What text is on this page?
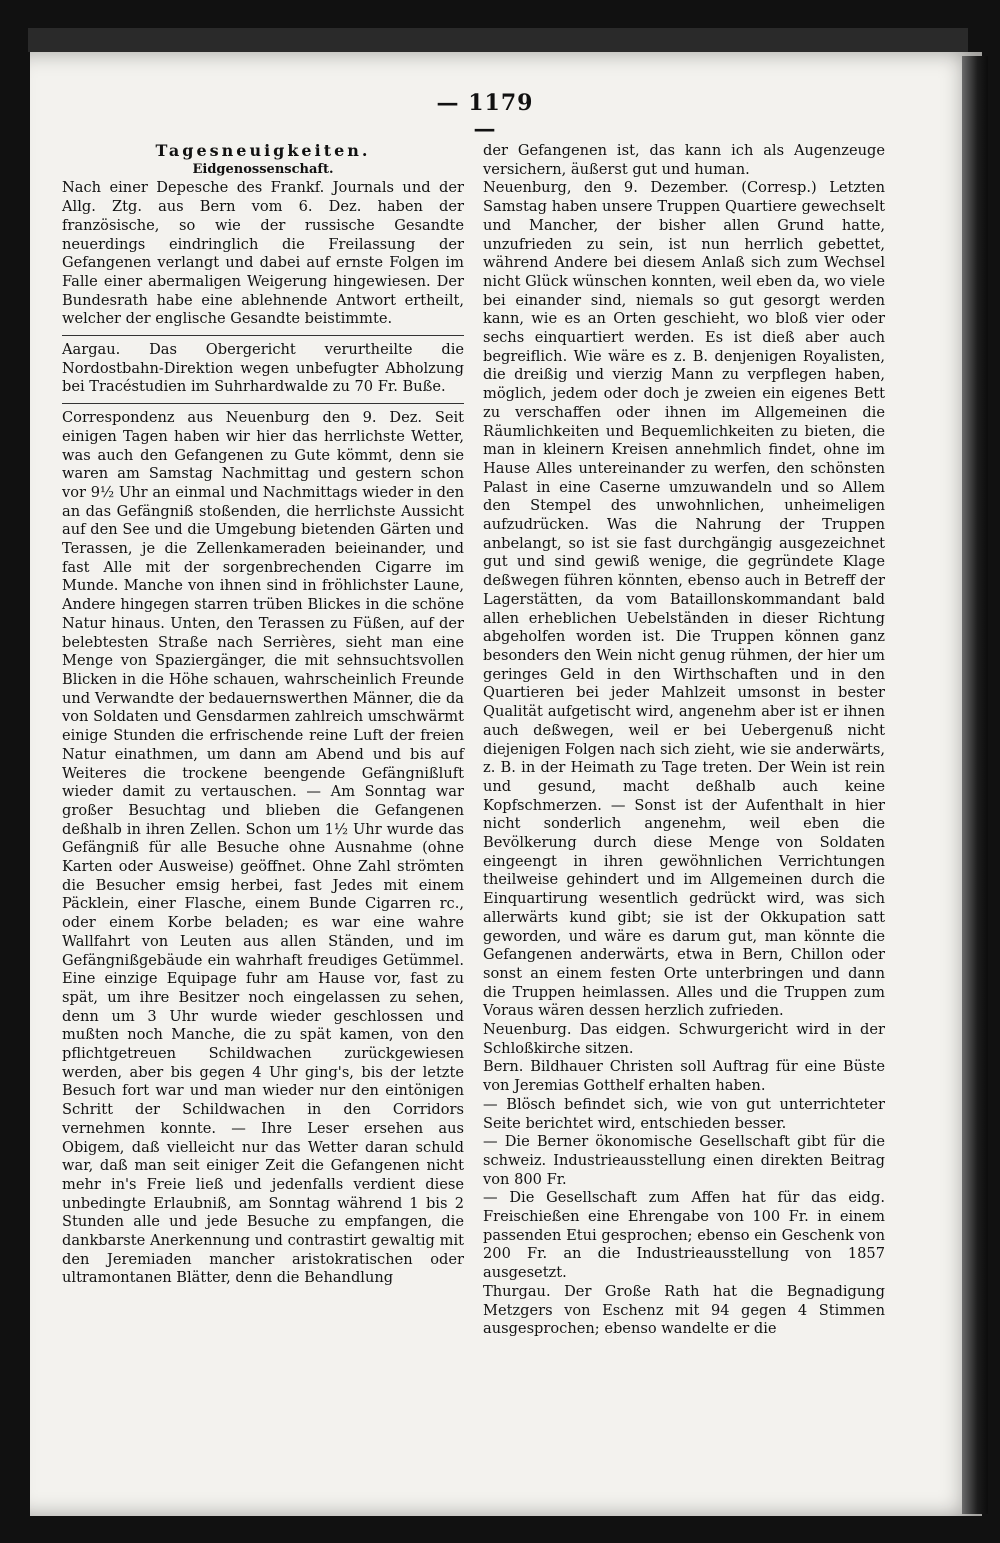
— 1179 —

Tagesneuigkeiten.

Eidgenossenschaft.

Nach einer Depesche des Frankf. Journals und der Allg. Ztg. aus Bern vom 6. Dez. haben der französische, so wie der russische Gesandte neuerdings eindringlich die Freilassung der Gefangenen verlangt und dabei auf ernste Folgen im Falle einer abermaligen Weigerung hingewiesen. Der Bundesrath habe eine ablehnende Antwort ertheilt, welcher der englische Gesandte beistimmte.

Aargau. Das Obergericht verurtheilte die Nordostbahn-Direktion wegen unbefugter Abholzung bei Tracéstudien im Suhrhardwalde zu 70 Fr. Buße.

Correspondenz aus Neuenburg den 9. Dez. Seit einigen Tagen haben wir hier das herrlichste Wetter, was auch den Gefangenen zu Gute kömmt, denn sie waren am Samstag Nachmittag und gestern schon vor 9½ Uhr an einmal und Nachmittags wieder in den an das Gefängniß stoßenden, die herrlichste Aussicht auf den See und die Umgebung bietenden Gärten und Terassen, je die Zellenkameraden beieinander, und fast Alle mit der sorgenbrechenden Cigarre im Munde. Manche von ihnen sind in fröhlichster Laune, Andere hingegen starren trüben Blickes in die schöne Natur hinaus. Unten, den Terassen zu Füßen, auf der belebtesten Straße nach Serrières, sieht man eine Menge von Spaziergänger, die mit sehnsuchtsvollen Blicken in die Höhe schauen, wahrscheinlich Freunde und Verwandte der bedauernswerthen Männer, die da von Soldaten und Gensdarmen zahlreich umschwärmt einige Stunden die erfrischende reine Luft der freien Natur einathmen, um dann am Abend und bis auf Weiteres die trockene beengende Gefängnißluft wieder damit zu vertauschen. — Am Sonntag war großer Besuchtag und blieben die Gefangenen deßhalb in ihren Zellen. Schon um 1½ Uhr wurde das Gefängniß für alle Besuche ohne Ausnahme (ohne Karten oder Ausweise) geöffnet. Ohne Zahl strömten die Besucher emsig herbei, fast Jedes mit einem Päcklein, einer Flasche, einem Bunde Cigarren rc., oder einem Korbe beladen; es war eine wahre Wallfahrt von Leuten aus allen Ständen, und im Gefängnißgebäude ein wahrhaft freudiges Getümmel. Eine einzige Equipage fuhr am Hause vor, fast zu spät, um ihre Besitzer noch eingelassen zu sehen, denn um 3 Uhr wurde wieder geschlossen und mußten noch Manche, die zu spät kamen, von den pflichtgetreuen Schildwachen zurückgewiesen werden, aber bis gegen 4 Uhr ging's, bis der letzte Besuch fort war und man wieder nur den eintönigen Schritt der Schildwachen in den Corridors vernehmen konnte. — Ihre Leser ersehen aus Obigem, daß vielleicht nur das Wetter daran schuld war, daß man seit einiger Zeit die Gefangenen nicht mehr in's Freie ließ und jedenfalls verdient diese unbedingte Erlaubniß, am Sonntag während 1 bis 2 Stunden alle und jede Besuche zu empfangen, die dankbarste Anerkennung und contrastirt gewaltig mit den Jeremiaden mancher aristokratischen oder ultramontanen Blätter, denn die Behandlung

der Gefangenen ist, das kann ich als Augenzeuge versichern, äußerst gut und human.

Neuenburg, den 9. Dezember. (Corresp.) Letzten Samstag haben unsere Truppen Quartiere gewechselt und Mancher, der bisher allen Grund hatte, unzufrieden zu sein, ist nun herrlich gebettet, während Andere bei diesem Anlaß sich zum Wechsel nicht Glück wünschen konnten, weil eben da, wo viele bei einander sind, niemals so gut gesorgt werden kann, wie es an Orten geschieht, wo bloß vier oder sechs einquartiert werden. Es ist dieß aber auch begreiflich. Wie wäre es z. B. denjenigen Royalisten, die dreißig und vierzig Mann zu verpflegen haben, möglich, jedem oder doch je zweien ein eigenes Bett zu verschaffen oder ihnen im Allgemeinen die Räumlichkeiten und Bequemlichkeiten zu bieten, die man in kleinern Kreisen annehmlich findet, ohne im Hause Alles untereinander zu werfen, den schönsten Palast in eine Caserne umzuwandeln und so Allem den Stempel des unwohnlichen, unheimeligen aufzudrücken. Was die Nahrung der Truppen anbelangt, so ist sie fast durchgängig ausgezeichnet gut und sind gewiß wenige, die gegründete Klage deßwegen führen könnten, ebenso auch in Betreff der Lagerstätten, da vom Bataillonskommandant bald allen erheblichen Uebelständen in dieser Richtung abgeholfen worden ist. Die Truppen können ganz besonders den Wein nicht genug rühmen, der hier um geringes Geld in den Wirthschaften und in den Quartieren bei jeder Mahlzeit umsonst in bester Qualität aufgetischt wird, angenehm aber ist er ihnen auch deßwegen, weil er bei Uebergenuß nicht diejenigen Folgen nach sich zieht, wie sie anderwärts, z. B. in der Heimath zu Tage treten. Der Wein ist rein und gesund, macht deßhalb auch keine Kopfschmerzen. — Sonst ist der Aufenthalt in hier nicht sonderlich angenehm, weil eben die Bevölkerung durch diese Menge von Soldaten eingeengt in ihren gewöhnlichen Verrichtungen theilweise gehindert und im Allgemeinen durch die Einquartirung wesentlich gedrückt wird, was sich allerwärts kund gibt; sie ist der Okkupation satt geworden, und wäre es darum gut, man könnte die Gefangenen anderwärts, etwa in Bern, Chillon oder sonst an einem festen Orte unterbringen und dann die Truppen heimlassen. Alles und die Truppen zum Voraus wären dessen herzlich zufrieden.

Neuenburg. Das eidgen. Schwurgericht wird in der Schloßkirche sitzen.

Bern. Bildhauer Christen soll Auftrag für eine Büste von Jeremias Gotthelf erhalten haben.

— Blösch befindet sich, wie von gut unterrichteter Seite berichtet wird, entschieden besser.

— Die Berner ökonomische Gesellschaft gibt für die schweiz. Industrieausstellung einen direkten Beitrag von 800 Fr.

— Die Gesellschaft zum Affen hat für das eidg. Freischießen eine Ehrengabe von 100 Fr. in einem passenden Etui gesprochen; ebenso ein Geschenk von 200 Fr. an die Industrieausstellung von 1857 ausgesetzt.

Thurgau. Der Große Rath hat die Begnadigung Metzgers von Eschenz mit 94 gegen 4 Stimmen ausgesprochen; ebenso wandelte er die
